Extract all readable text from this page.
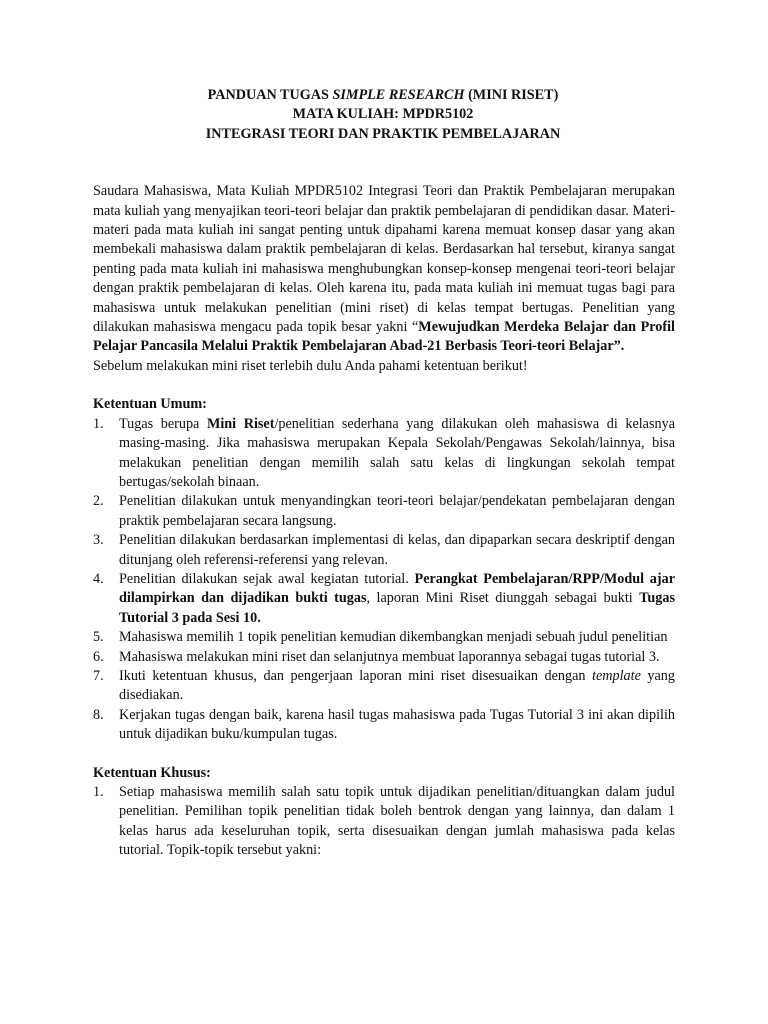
PANDUAN TUGAS SIMPLE RESEARCH (MINI RISET)
MATA KULIAH: MPDR5102
INTEGRASI TEORI DAN PRAKTIK PEMBELAJARAN

Saudara Mahasiswa, Mata Kuliah MPDR5102 Integrasi Teori dan Praktik Pembelajaran merupakan mata kuliah yang menyajikan teori-teori belajar dan praktik pembelajaran di pendidikan dasar. Materi-materi pada mata kuliah ini sangat penting untuk dipahami karena memuat konsep dasar yang akan membekali mahasiswa dalam praktik pembelajaran di kelas. Berdasarkan hal tersebut, kiranya sangat penting pada mata kuliah ini mahasiswa menghubungkan konsep-konsep mengenai teori-teori belajar dengan praktik pembelajaran di kelas. Oleh karena itu, pada mata kuliah ini memuat tugas bagi para mahasiswa untuk melakukan penelitian (mini riset) di kelas tempat bertugas. Penelitian yang dilakukan mahasiswa mengacu pada topik besar yakni “Mewujudkan Merdeka Belajar dan Profil Pelajar Pancasila Melalui Praktik Pembelajaran Abad-21 Berbasis Teori-teori Belajar”.

Sebelum melakukan mini riset terlebih dulu Anda pahami ketentuan berikut!

Ketentuan Umum:
1. Tugas berupa Mini Riset/penelitian sederhana yang dilakukan oleh mahasiswa di kelasnya masing-masing. Jika mahasiswa merupakan Kepala Sekolah/Pengawas Sekolah/lainnya, bisa melakukan penelitian dengan memilih salah satu kelas di lingkungan sekolah tempat bertugas/sekolah binaan.
2. Penelitian dilakukan untuk menyandingkan teori-teori belajar/pendekatan pembelajaran dengan praktik pembelajaran secara langsung.
3. Penelitian dilakukan berdasarkan implementasi di kelas, dan dipaparkan secara deskriptif dengan ditunjang oleh referensi-referensi yang relevan.
4. Penelitian dilakukan sejak awal kegiatan tutorial. Perangkat Pembelajaran/RPP/Modul ajar dilampirkan dan dijadikan bukti tugas, laporan Mini Riset diunggah sebagai bukti Tugas Tutorial 3 pada Sesi 10.
5. Mahasiswa memilih 1 topik penelitian kemudian dikembangkan menjadi sebuah judul penelitian
6. Mahasiswa melakukan mini riset dan selanjutnya membuat laporannya sebagai tugas tutorial 3.
7. Ikuti ketentuan khusus, dan pengerjaan laporan mini riset disesuaikan dengan template yang disediakan.
8. Kerjakan tugas dengan baik, karena hasil tugas mahasiswa pada Tugas Tutorial 3 ini akan dipilih untuk dijadikan buku/kumpulan tugas.
Ketentuan Khusus:
1. Setiap mahasiswa memilih salah satu topik untuk dijadikan penelitian/dituangkan dalam judul penelitian. Pemilihan topik penelitian tidak boleh bentrok dengan yang lainnya, dan dalam 1 kelas harus ada keseluruhan topik, serta disesuaikan dengan jumlah mahasiswa pada kelas tutorial. Topik-topik tersebut yakni:
